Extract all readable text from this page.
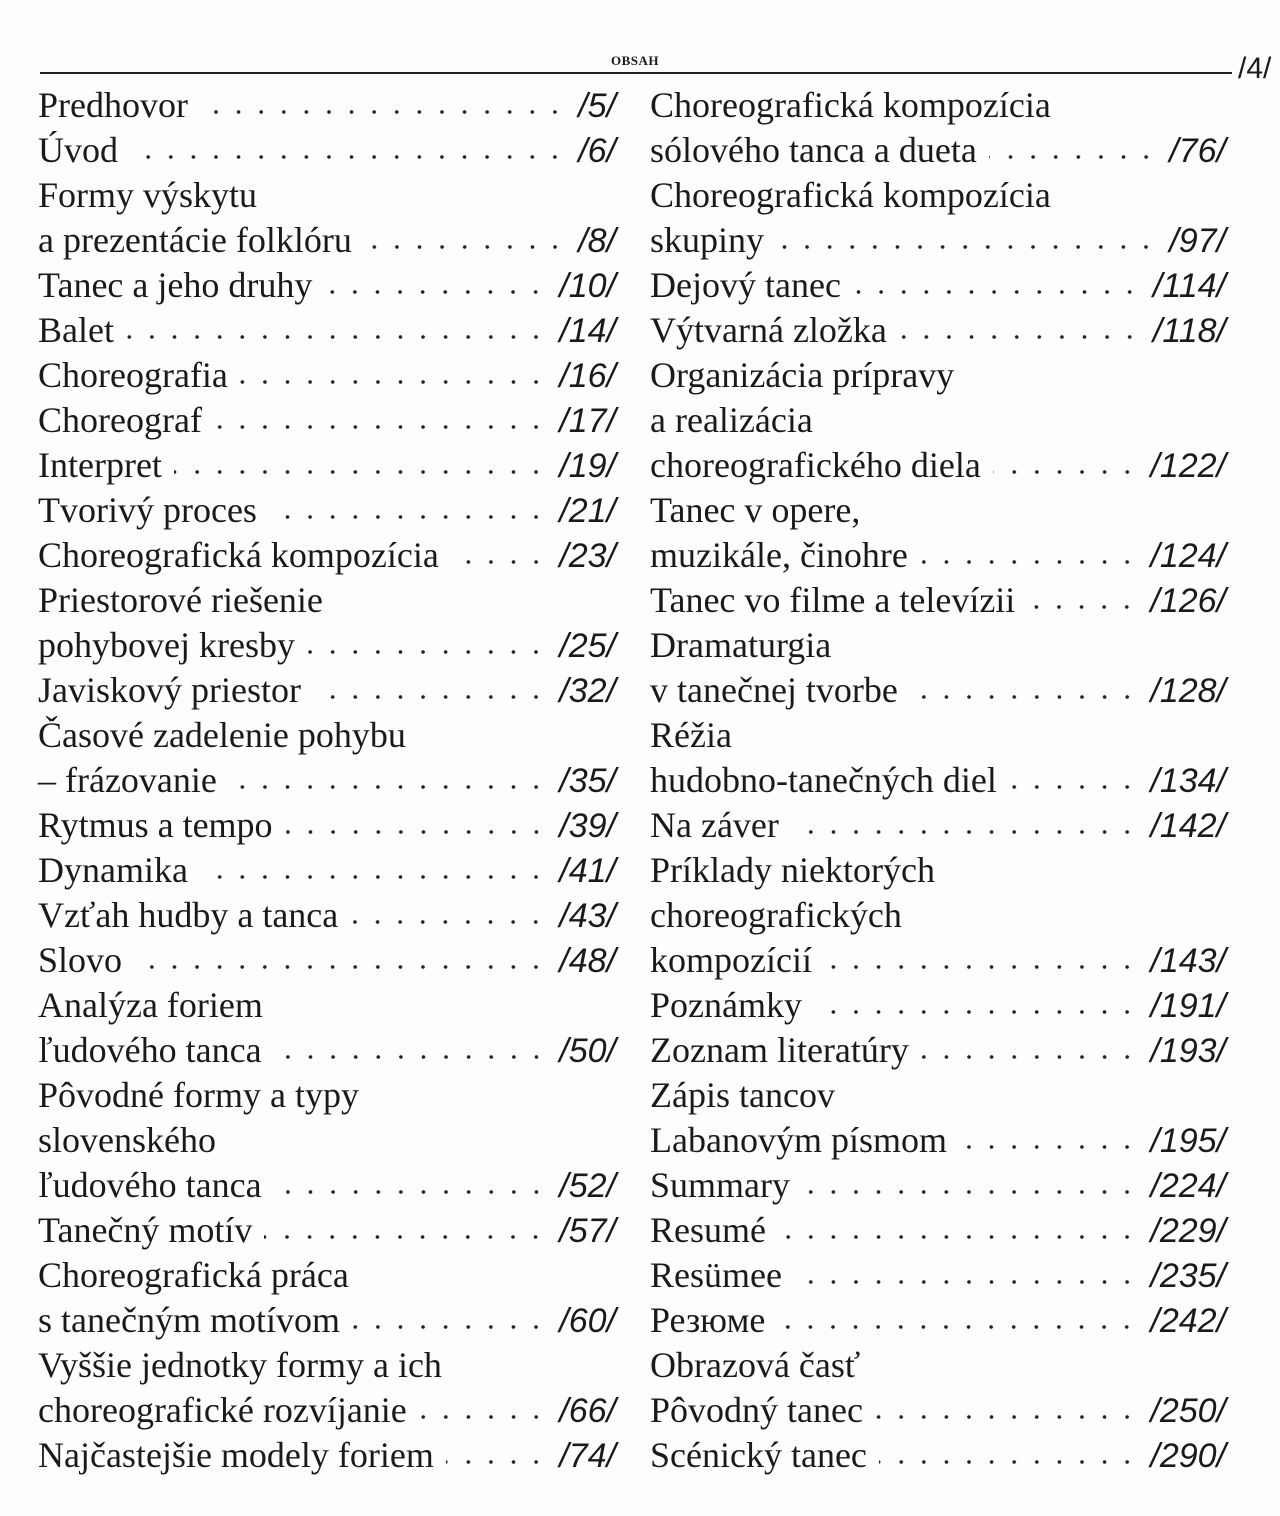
OBSAH	/4/
Predhovor	/5/
Úvod	/6/
Formy výskytu
a prezentácie folklóru	/8/
Tanec a jeho druhy	/10/
Balet	/14/
Choreografia	/16/
Choreograf	/17/
Interpret	/19/
Tvorivý proces	/21/
Choreografická kompozícia	/23/
Priestorové riešenie
pohybovej kresby	/25/
Javiskový priestor	/32/
Časové zadelenie pohybu
– frázovanie	/35/
Rytmus a tempo	/39/
Dynamika	/41/
Vzťah hudby a tanca	/43/
Slovo	/48/
Analýza foriem
ľudového tanca	/50/
Pôvodné formy a typy
slovenského
ľudového tanca	/52/
Tanečný motív	/57/
Choreografická práca
s tanečným motívom	/60/
Vyššie jednotky formy a ich
choreografické rozvíjanie	/66/
Najčastejšie modely foriem	/74/
Choreografická kompozícia
sólového tanca a dueta	/76/
Choreografická kompozícia
skupiny	/97/
Dejový tanec	/114/
Výtvarná zložka	/118/
Organizácia prípravy
a realizácia
choreografického diela	/122/
Tanec v opere,
muzikále, činohre	/124/
Tanec vo filme a televízii	/126/
Dramaturgia
v tanečnej tvorbe	/128/
Réžia
hudobno-tanečných diel	/134/
Na záver	/142/
Príklady niektorých
choreografických
kompozícií	/143/
Poznámky	/191/
Zoznam literatúry	/193/
Zápis tancov
Labanovým písmom	/195/
Summary	/224/
Resumé	/229/
Resümee	/235/
Резюме	/242/
Obrazová časť
Pôvodný tanec	/250/
Scénický tanec	/290/
